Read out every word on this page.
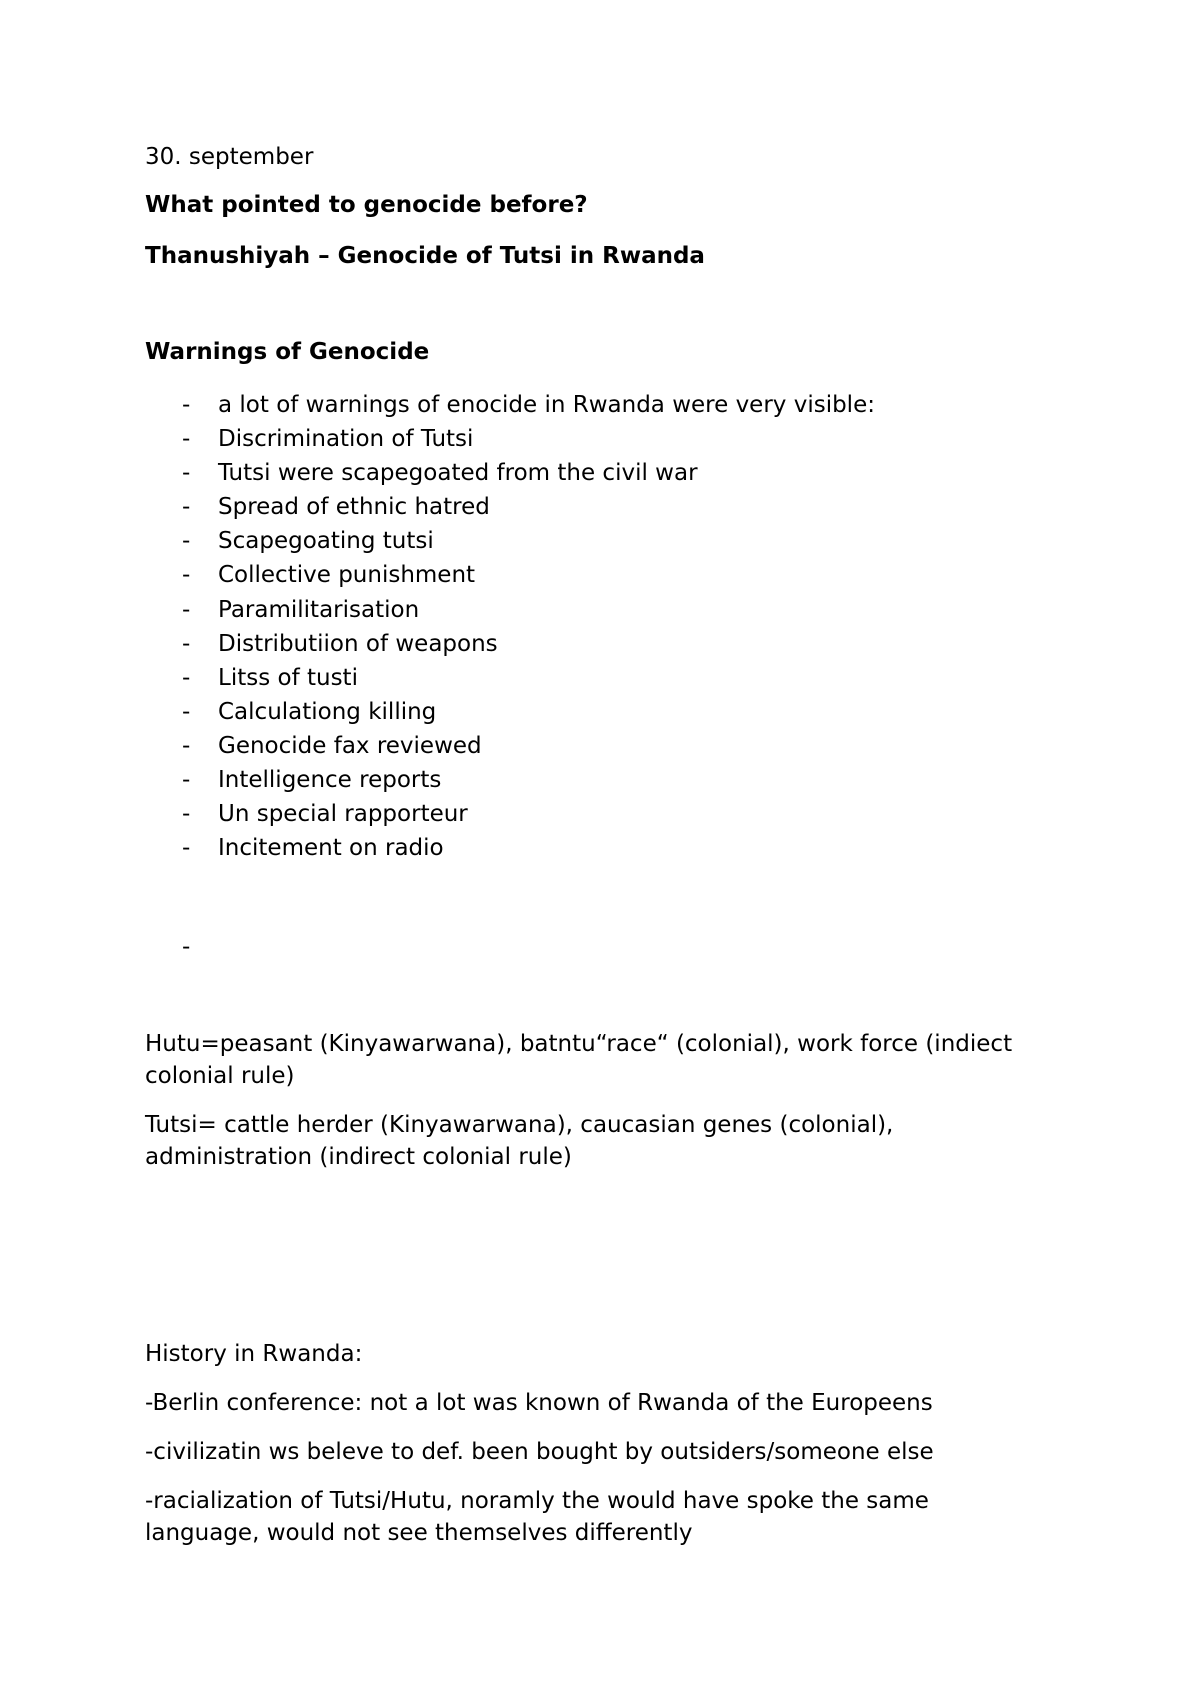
30. september
What pointed to genocide before?
Thanushiyah – Genocide of Tutsi in Rwanda
Warnings of Genocide
- a lot of warnings of enocide in Rwanda were very visible:
- Discrimination of Tutsi
- Tutsi were scapegoated from the civil war
- Spread of ethnic hatred
- Scapegoating tutsi
- Collective punishment
- Paramilitarisation
- Distributiion of weapons
- Litss of tusti
- Calculationg killing
- Genocide fax reviewed
- Intelligence reports
- Un special rapporteur
- Incitement on radio
-
Hutu=peasant (Kinyawarwana), batntu“race“ (colonial), work force (indiect
colonial rule)
Tutsi= cattle herder (Kinyawarwana), caucasian genes (colonial),
administration (indirect colonial rule)
History in Rwanda:
-Berlin conference: not a lot was known of Rwanda of the Europeens
-civilizatin ws beleve to def. been bought by outsiders/someone else
-racialization of Tutsi/Hutu, noramly the would have spoke the same
language, would not see themselves differently
